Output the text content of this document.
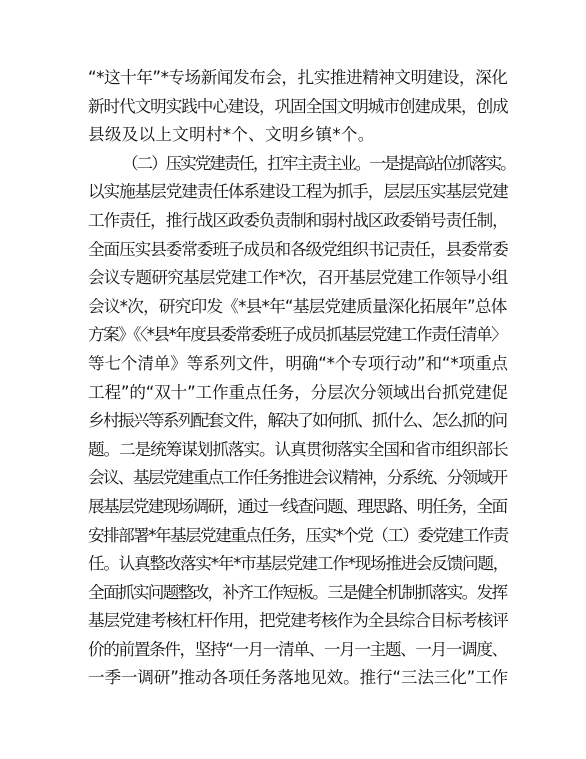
“*这十年”*专场新闻发布会，扎实推进精神文明建设，深化
新时代文明实践中心建设，巩固全国文明城市创建成果，创成
县级及以上文明村*个、文明乡镇*个。
（二）压实党建责任，扛牢主责主业。一是提高站位抓落实。
以实施基层党建责任体系建设工程为抓手，层层压实基层党建
工作责任，推行战区政委负责制和弱村战区政委销号责任制，
全面压实县委常委班子成员和各级党组织书记责任，县委常委
会议专题研究基层党建工作*次，召开基层党建工作领导小组
会议*次，研究印发《*县*年“基层党建质量深化拓展年”总体
方案》《〈*县*年度县委常委班子成员抓基层党建工作责任清单〉
等七个清单》等系列文件，明确“*个专项行动”和“*项重点
工程”的“双十”工作重点任务，分层次分领域出台抓党建促
乡村振兴等系列配套文件，解决了如何抓、抓什么、怎么抓的问
题。二是统筹谋划抓落实。认真贯彻落实全国和省市组织部长
会议、基层党建重点工作任务推进会议精神，分系统、分领域开
展基层党建现场调研，通过一线查问题、理思路、明任务，全面
安排部署*年基层党建重点任务，压实*个党（工）委党建工作责
任。认真整改落实*年*市基层党建工作*现场推进会反馈问题，
全面抓实问题整改，补齐工作短板。三是健全机制抓落实。发挥
基层党建考核杠杆作用，把党建考核作为全县综合目标考核评
价的前置条件，坚持“一月一清单、一月一主题、一月一调度、
一季一调研”推动各项任务落地见效。推行“三法三化”工作
